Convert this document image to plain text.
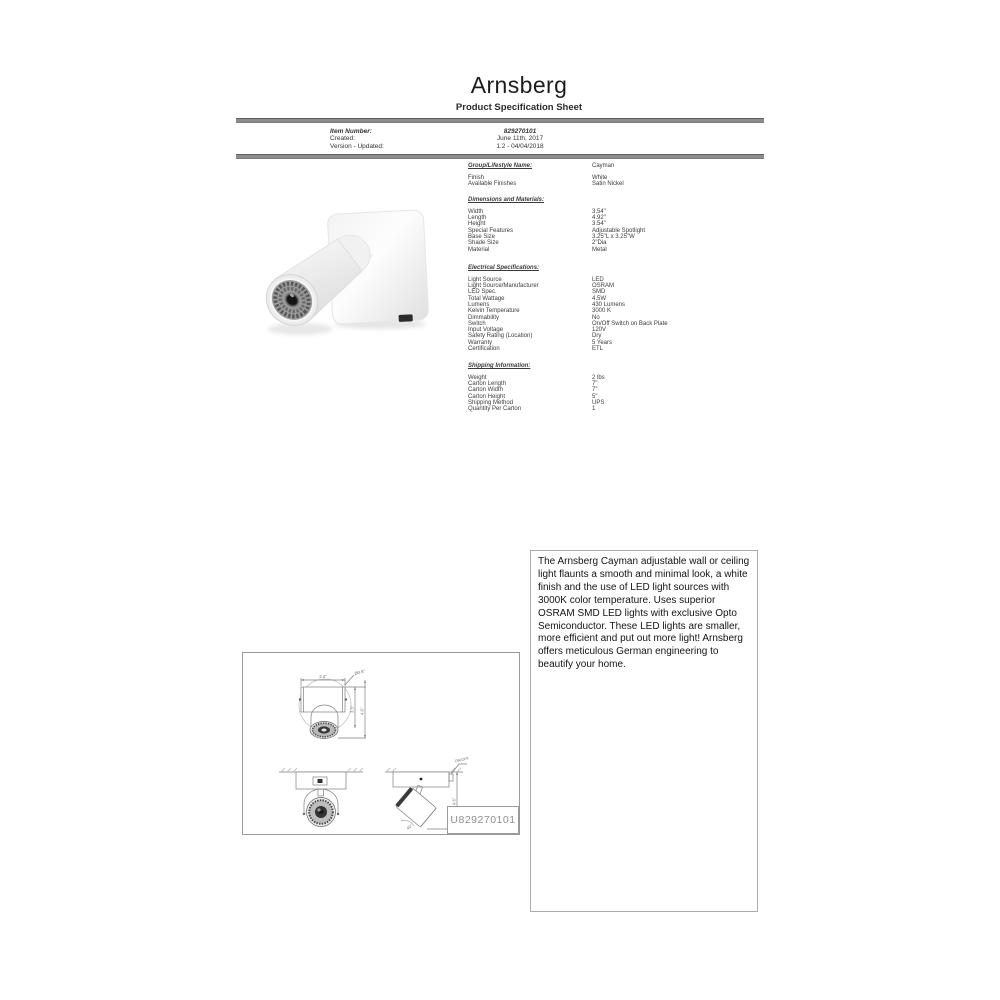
Arnsberg
Product Specification Sheet
Item Number:	829270101
Created:	June 11th, 2017
Version - Updated:	1.2 - 04/04/2018
Group/Lifestyle Name:	Cayman
Finish	White
Available Finishes	Satin Nickel
Dimensions and Materials:
Width	3.54"
Length	4.92"
Height	3.54"
Special Features	Adjustable Spotlight
Base Size	3.25"L x 3.25"W
Shade Size	2"Dia
Material	Metal
Electrical Specifications:
Light Source	LED
Light Source/Manufacturer	OSRAM
LED Spec.	SMD
Total Wattage	4.5W
Lumens	430 Lumens
Kelvin Temperature	3000 K
Dimmability	No
Switch	On/Off Switch on Back Plate
Input Voltage	120V
Safety Rating (Location)	Dry
Warranty	5 Years
Certification	ETL
Shipping Information:
Weight	2 lbs
Carton Length	7"
Carton Width	7"
Carton Height	5"
Shipping Method	UPS
Quantity Per Carton	1
The Arnsberg Cayman adjustable wall or ceiling light flaunts a smooth and minimal look, a white finish and the use of LED light sources with 3000K color temperature. Uses superior OSRAM SMD LED lights with exclusive Opto Semiconductor. These LED lights are smaller, more efficient and put out more light! Arnsberg offers meticulous German engineering to beautify your home.
3.4''
Ø0.8''
3.5'' 4.6''
ON/OFF
40°
4.6''
U829270101
